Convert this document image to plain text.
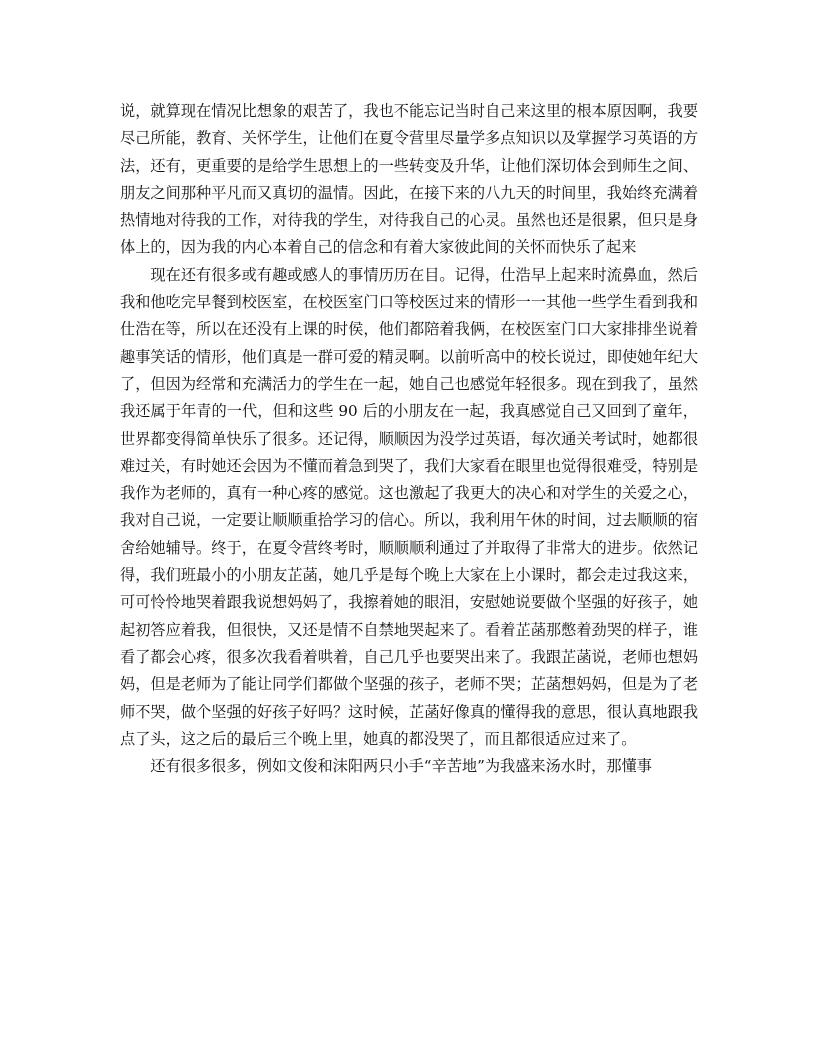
说，就算现在情况比想象的艰苦了，我也不能忘记当时自己来这里的根本原因啊，我要尽己所能，教育、关怀学生，让他们在夏令营里尽量学多点知识以及掌握学习英语的方法，还有，更重要的是给学生思想上的一些转变及升华，让他们深切体会到师生之间、朋友之间那种平凡而又真切的温情。因此，在接下来的八九天的时间里，我始终充满着热情地对待我的工作，对待我的学生，对待我自己的心灵。虽然也还是很累，但只是身体上的，因为我的内心本着自己的信念和有着大家彼此间的关怀而快乐了起来

现在还有很多或有趣或感人的事情历历在目。记得，仕浩早上起来时流鼻血，然后我和他吃完早餐到校医室，在校医室门口等校医过来的情形一一其他一些学生看到我和仕浩在等，所以在还没有上课的时侯，他们都陪着我俩，在校医室门口大家排排坐说着趣事笑话的情形，他们真是一群可爱的精灵啊。以前听高中的校长说过，即使她年纪大了，但因为经常和充满活力的学生在一起，她自己也感觉年轻很多。现在到我了，虽然我还属于年青的一代，但和这些 90 后的小朋友在一起，我真感觉自己又回到了童年，世界都变得简单快乐了很多。还记得，顺顺因为没学过英语，每次通关考试时，她都很难过关，有时她还会因为不懂而着急到哭了，我们大家看在眼里也觉得很难受，特别是我作为老师的，真有一种心疼的感觉。这也激起了我更大的决心和对学生的关爱之心，我对自己说，一定要让顺顺重拾学习的信心。所以，我利用午休的时间，过去顺顺的宿舍给她辅导。终于，在夏令营终考时，顺顺顺利通过了并取得了非常大的进步。依然记得，我们班最小的小朋友芷菡，她几乎是每个晚上大家在上小课时，都会走过我这来，可可怜怜地哭着跟我说想妈妈了，我擦着她的眼泪，安慰她说要做个坚强的好孩子，她起初答应着我，但很快，又还是情不自禁地哭起来了。看着芷菡那憋着劲哭的样子，谁看了都会心疼，很多次我看着哄着，自己几乎也要哭出来了。我跟芷菡说，老师也想妈妈，但是老师为了能让同学们都做个坚强的孩子，老师不哭；芷菡想妈妈，但是为了老师不哭，做个坚强的好孩子好吗？这时候，芷菡好像真的懂得我的意思，很认真地跟我点了头，这之后的最后三个晚上里，她真的都没哭了，而且都很适应过来了。

还有很多很多，例如文俊和沫阳两只小手“辛苦地”为我盛来汤水时，那懂事
